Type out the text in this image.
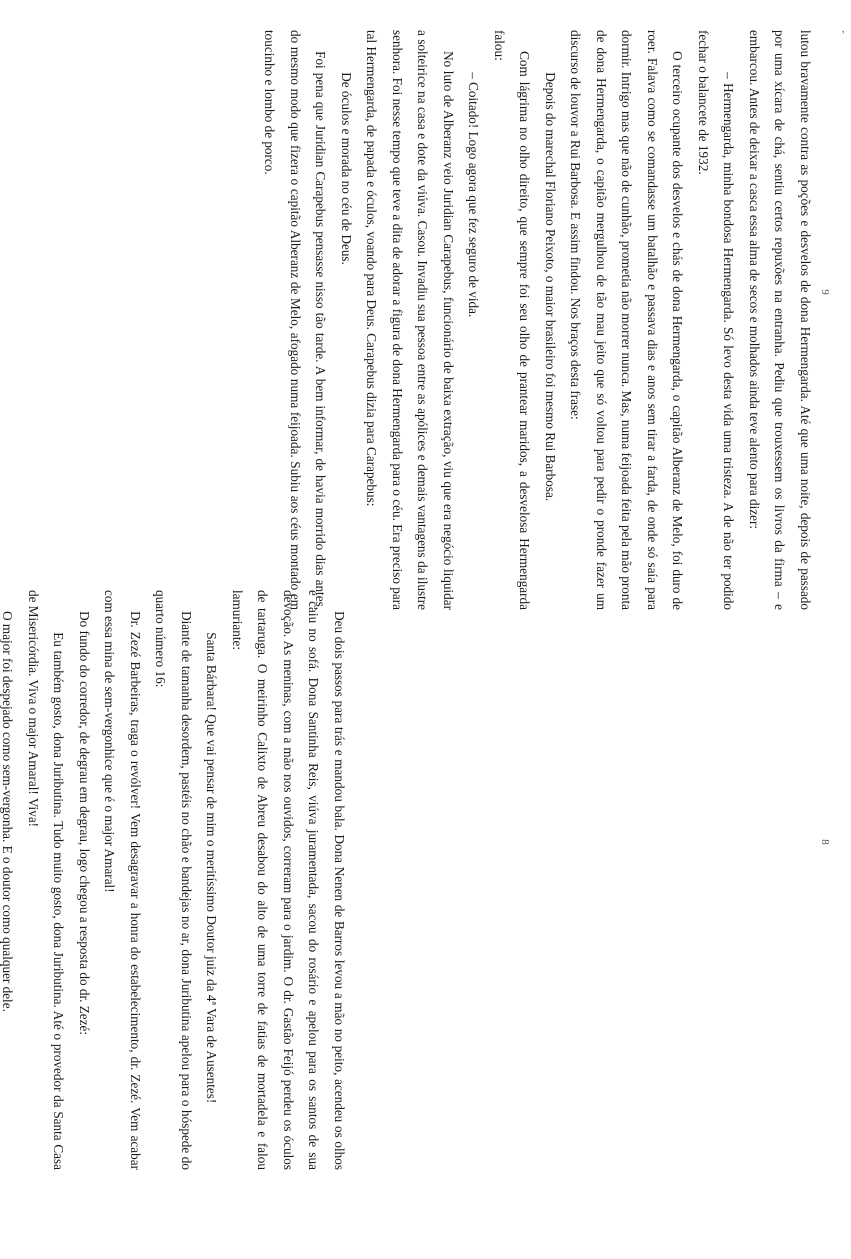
lutou bravamente contra as poções e desvelos de dona Hermengarda. Até que uma noite, depois de passado por uma xícara de chá, sentiu certos repuxões na entranha. Pediu que trouxessem os livros da firma – e embarcou. Antes de deixar a casca essa alma de secos e molhados ainda teve alento para dizer:

– Hermengarda, minha bondosa Hermengarda. Só levo desta vida uma tristeza. A de não ter podido fechar o balancete de 1932.

O terceiro ocupante dos desvelos e chás de dona Hermengarda, o capitão Alberanz de Melo, foi duro de roer. Falava como se comandasse um batalhão e passava dias e anos sem tirar a farda, de onde só saía para dormir. Intrigo mas que não de cunhão, prometia não morrer nunca. Mas, numa feijoada feita pela mão pronta de dona Hermengarda, o capitão mergulhou de tão mau jeito que só voltou para pedir o pronde fazer um discurso de louvor a Rui Barbosa. E assim findou. Nos braços desta frase:

Depois do marechal Floriano Peixoto, o maior brasileiro foi mesmo Rui Barbosa.

Com lágrima no olho direito, que sempre foi seu olho de prantear maridos, a desvelosa Hermengarda falou:

– Coitado! Logo agora que fez seguro de vida.

No luto de Alberanz veio Juridian Carapebus, funcionário de baixa extração, viu que era negócio liquidar a solteirice na casa e dote da viúva. Casou. Invadiu sua pessoa entre as apólices e demais vantagens da ilustre senhora. Foi nesse tempo que teve a dita de adorar a figura de dona Hermengarda para o céu. Era preciso para tal Hermengarda, de papada e óculos, voando para Deus. Carapebus dizia para Carapebus:

De óculos e morada no céu de Deus.

Foi pena que Juridian Carapebus pensasse nisso tão tarde. A bem informar, de havia morrido dias antes, do mesmo modo que fizera o capitão Alberanz de Melo, afogado numa feijoada. Subiu aos céus montado em toucinho e lombo de porco.

Deu dois passos para trás e mandou bala. Dona Nenen de Barros levou a mão no peito, acendeu os olhos e caiu no sofá. Dona Santinha Reis, viúva juramentada, sacou do rosário e apelou para os santos de sua devoção. As meninas, com a mão nos ouvidos, correram para o jardim. O dr. Gastão Feijó perdeu os óculos de tartaruga. O meirinho Calixto de Abreu desabou do alto de uma torre de fatias de mortadela e falou lamuriante:

Santa Bárbara! Que vai pensar de mim o meritíssimo Doutor juiz da 4ª Vara de Ausentes!

Diante de tamanha desordem, pastéis no chão e bandejas no ar, dona Juributina apelou para o hóspede do quarto número 16:

Dr. Zezé Barbeiras, traga o revólver! Vem desagravar a honra do estabelecimento, dr. Zezé. Vem acabar com essa mina de sem-vergonhice que é o major Amaral!

Do fundo do corredor, de degrau em degrau, logo chegou a resposta do dr. Zezé:

Eu também gosto, dona Juributina. Tudo muito gosto, dona Juributina. Até o provedor da Santa Casa de Misericórdia. Viva o major Amaral! Viva!

O major foi despejado como sem-vergonha. E o doutor como qualquer dele.

9
8
,
